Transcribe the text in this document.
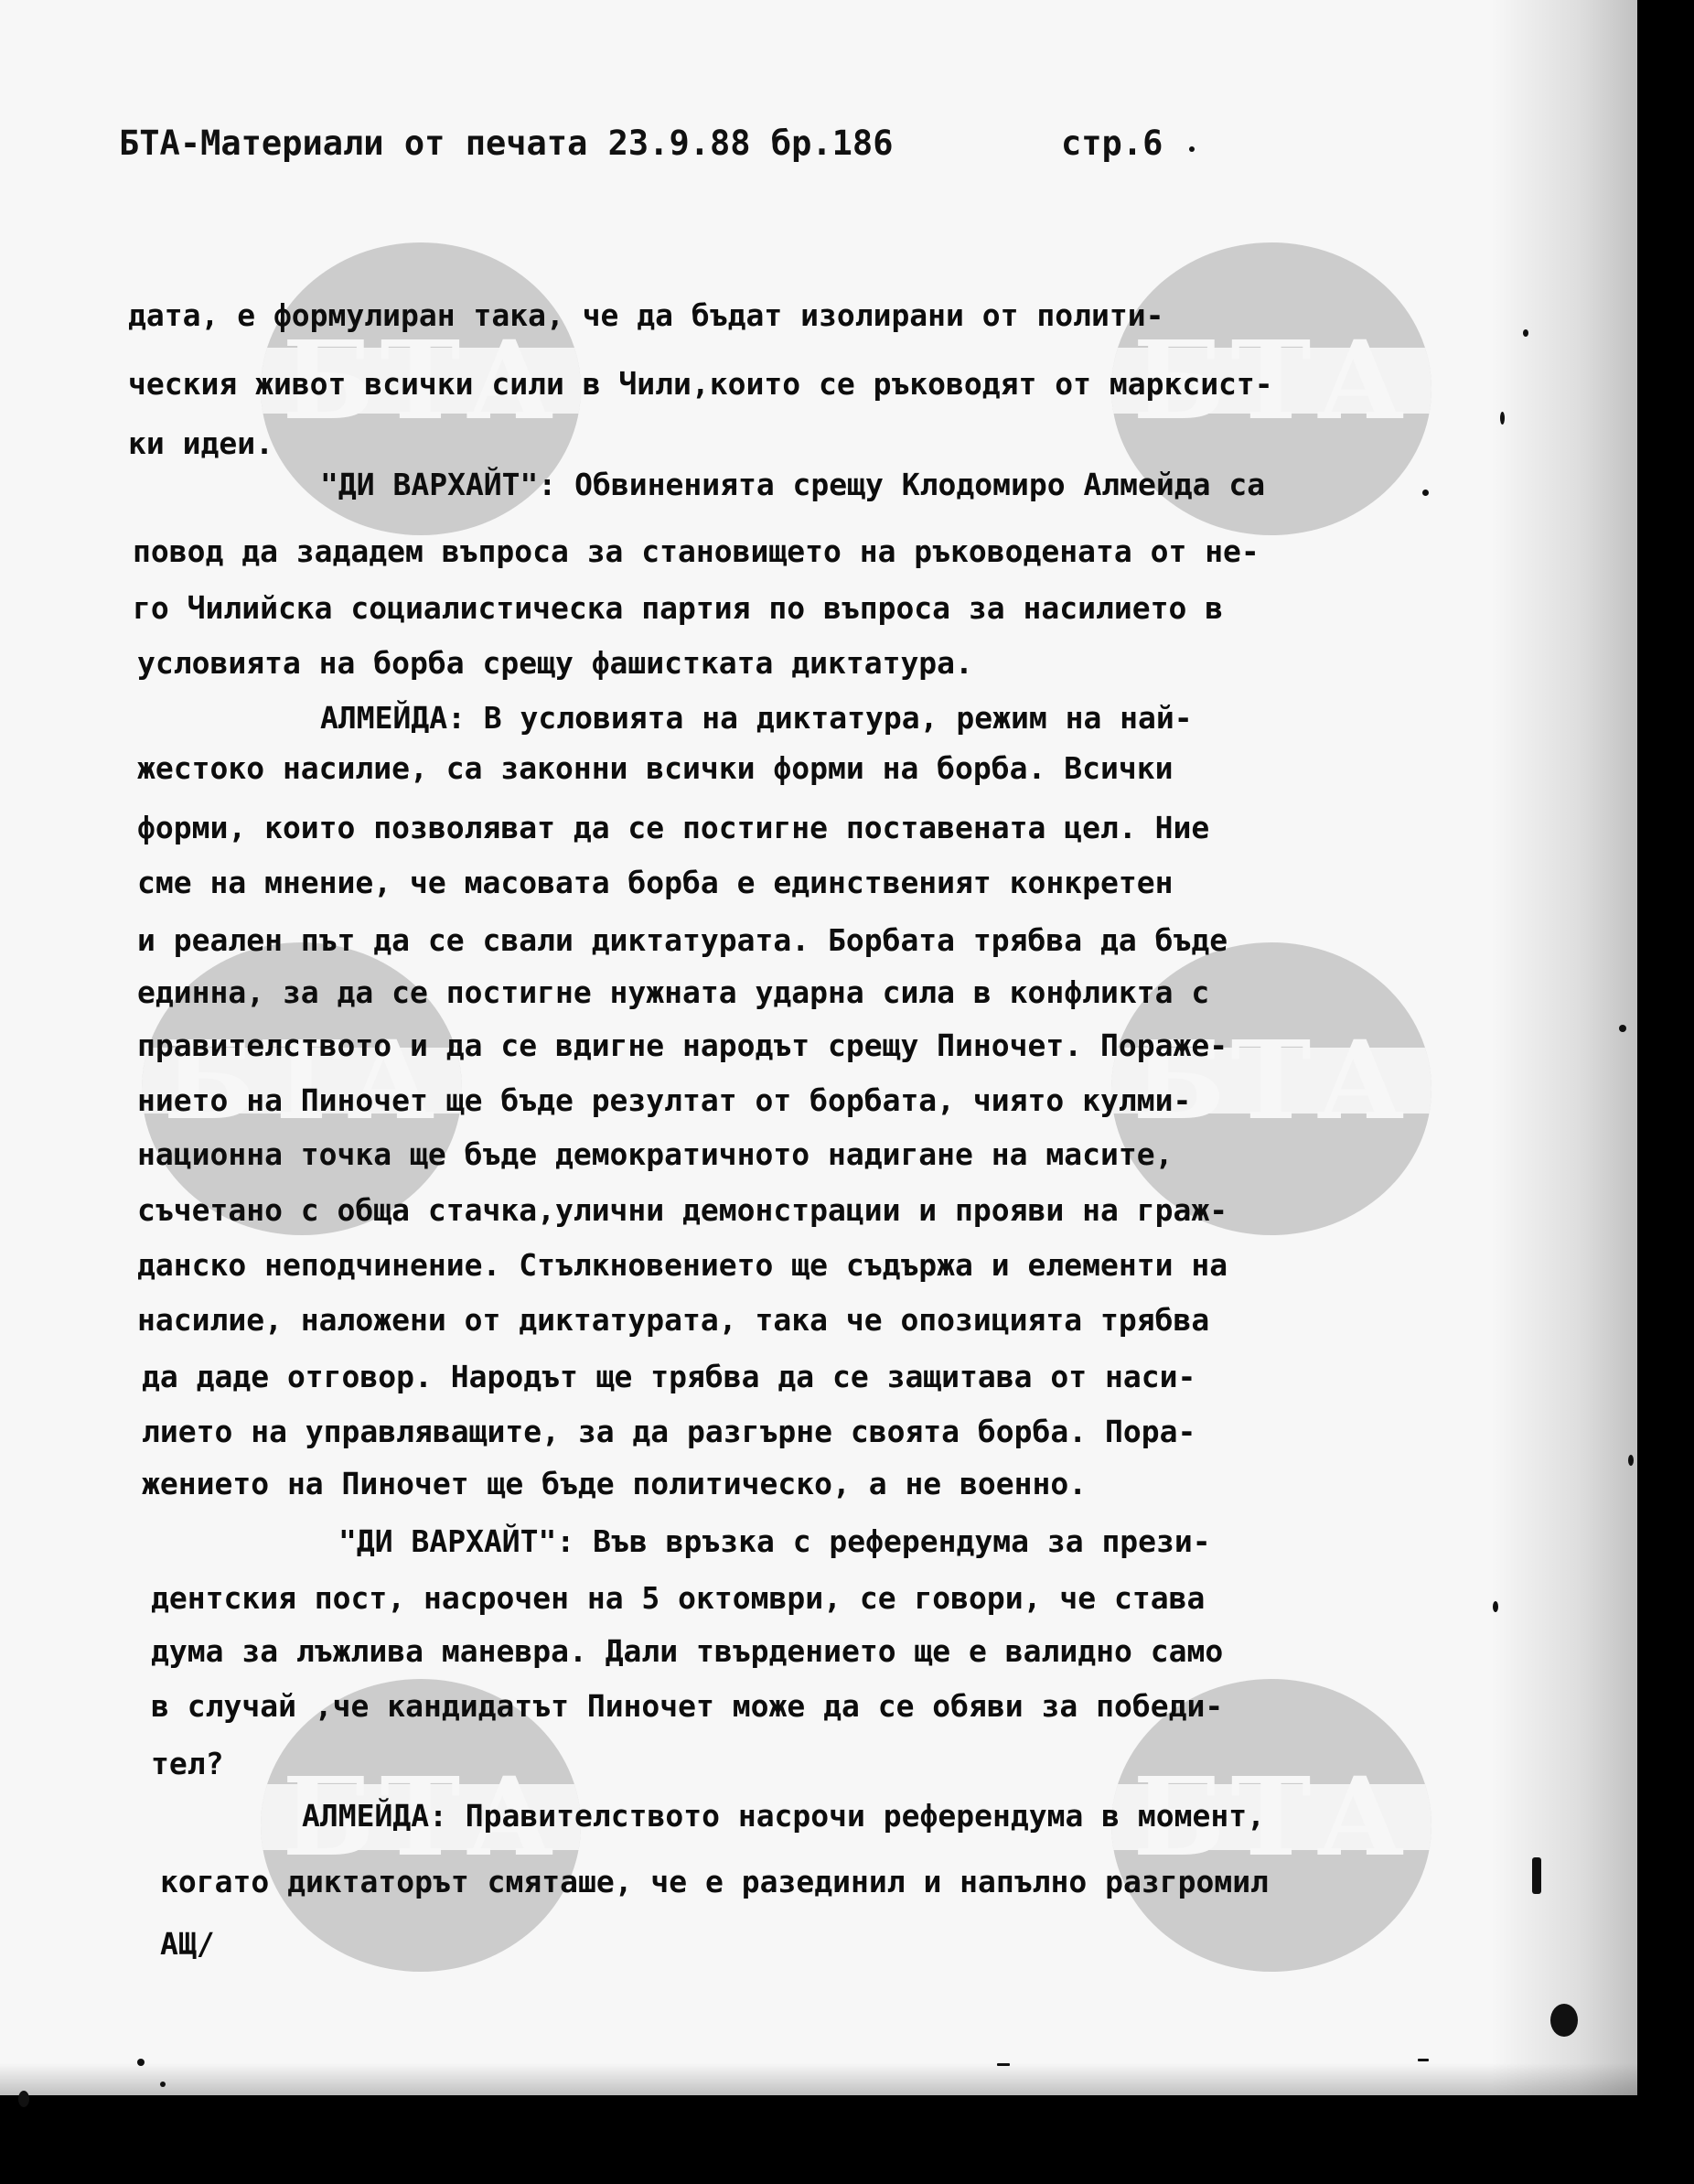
БТА	БТА
БТА
БТА
БТА	БТА
БТА-Материали от печата 23.9.88 бр.186	стр.6
дата, е формулиран така, че да бъдат изолирани от полити-
ческия живот всички сили в Чили,които се ръководят от марксист-
ки идеи.
"ДИ ВАРХАЙТ": Обвиненията срещу Клодомиро Алмейда са
повод да зададем въпроса за становището на ръководената от не-
го Чилийска социалистическа партия по въпроса за насилието в
условията на борба срещу фашистката диктатура.
АЛМЕЙДА: В условията на диктатура, режим на най-
жестоко насилие, са законни всички форми на борба. Всички
форми, които позволяват да се постигне поставената цел. Ние
сме на мнение, че масовата борба е единственият конкретен
и реален път да се свали диктатурата. Борбата трябва да бъде
единна, за да се постигне нужната ударна сила в конфликта с
правителството и да се вдигне народът срещу Пиночет. Пораже-
нието на Пиночет ще бъде резултат от борбата, чиято кулми-
национна точка ще бъде демократичното надигане на масите,
съчетано с обща стачка,улични демонстрации и прояви на граж-
данско неподчинение. Стълкновението ще съдържа и елементи на
насилие, наложени от диктатурата, така че опозицията трябва
да даде отговор. Народът ще трябва да се защитава от наси-
лието на управляващите, за да разгърне своята борба. Пора-
жението на Пиночет ще бъде политическо, а не военно.
"ДИ ВАРХАЙТ": Във връзка с референдума за прези-
дентския пост, насрочен на 5 октомври, се говори, че става
дума за лъжлива маневра. Дали твърдението ще е валидно само
в случай ,че кандидатът Пиночет може да се обяви за победи-
тел?
АЛМЕЙДА: Правителството насрочи референдума в момент,
когато диктаторът смяташе, че е разединил и напълно разгромил
АЩ/
